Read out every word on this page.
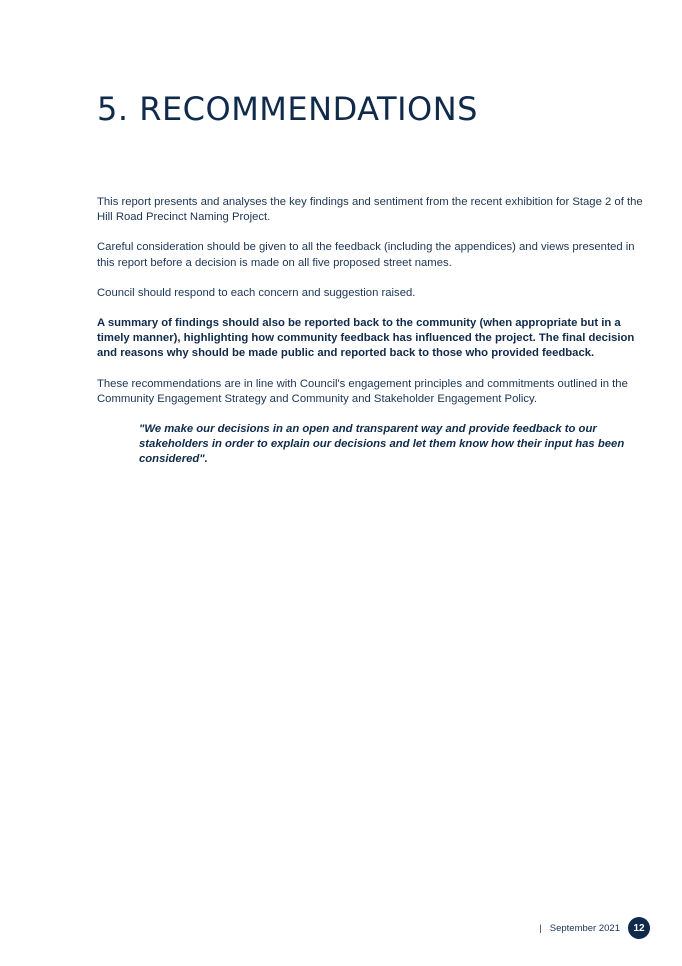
5. RECOMMENDATIONS

This report presents and analyses the key findings and sentiment from the recent exhibition for Stage 2 of the Hill Road Precinct Naming Project.

Careful consideration should be given to all the feedback (including the appendices) and views presented in this report before a decision is made on all five proposed street names.

Council should respond to each concern and suggestion raised.

A summary of findings should also be reported back to the community (when appropriate but in a timely manner), highlighting how community feedback has influenced the project. The final decision and reasons why should be made public and reported back to those who provided feedback.

These recommendations are in line with Council's engagement principles and commitments outlined in the Community Engagement Strategy and Community and Stakeholder Engagement Policy.

"We make our decisions in an open and transparent way and provide feedback to our stakeholders in order to explain our decisions and let them know how their input has been considered".

| September 2021	12
